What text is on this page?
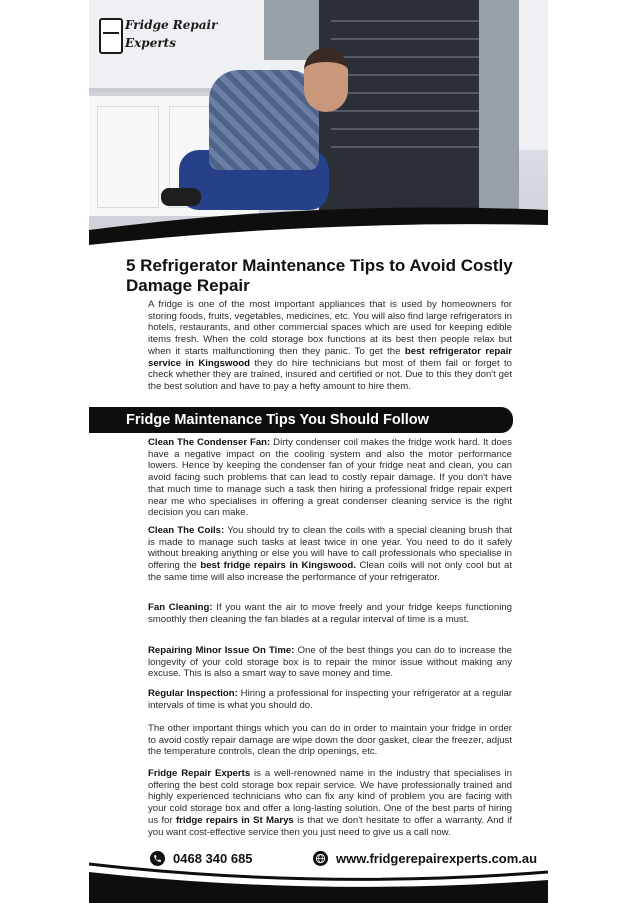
Fridge Repair
Experts
5 Refrigerator Maintenance Tips to Avoid Costly Damage Repair

A fridge is one of the most important appliances that is used by homeowners for storing foods, fruits, vegetables, medicines, etc. You will also find large refrigerators in hotels, restaurants, and other commercial spaces which are used for keeping edible items fresh. When the cold storage box functions at its best then people relax but when it starts malfunctioning then they panic. To get the best refrigerator repair service in Kingswood they do hire technicians but most of them fail or forget to check whether they are trained, insured and certified or not. Due to this they don't get the best solution and have to pay a hefty amount to hire them.

Fridge Maintenance Tips You Should Follow

Clean The Condenser Fan: Dirty condenser coil makes the fridge work hard. It does have a negative impact on the cooling system and also the motor performance lowers. Hence by keeping the condenser fan of your fridge neat and clean, you can avoid facing such problems that can lead to costly repair damage. If you don't have that much time to manage such a task then hiring a professional fridge repair expert near me who specialises in offering a great condenser cleaning service is the right decision you can make.

Clean The Coils: You should try to clean the coils with a special cleaning brush that is made to manage such tasks at least twice in one year. You need to do it safely without breaking anything or else you will have to call professionals who specialise in offering the best fridge repairs in Kingswood. Clean coils will not only cool but at the same time will also increase the performance of your refrigerator.

Fan Cleaning: If you want the air to move freely and your fridge keeps functioning smoothly then cleaning the fan blades at a regular interval of time is a must.

Repairing Minor Issue On Time: One of the best things you can do to increase the longevity of your cold storage box is to repair the minor issue without making any excuse. This is also a smart way to save money and time.

Regular Inspection: Hiring a professional for inspecting your refrigerator at a regular intervals of time is what you should do.

The other important things which you can do in order to maintain your fridge in order to avoid costly repair damage are wipe down the door gasket, clear the freezer, adjust the temperature controls, clean the drip openings, etc.

Fridge Repair Experts is a well-renowned name in the industry that specialises in offering the best cold storage box repair service. We have professionally trained and highly experienced technicians who can fix any kind of problem you are facing with your cold storage box and offer a long-lasting solution. One of the best parts of hiring us for fridge repairs in St Marys is that we don't hesitate to offer a warranty. And if you want cost-effective service then you just need to give us a call now.

0468 340 685	www.fridgerepairexperts.com.au
